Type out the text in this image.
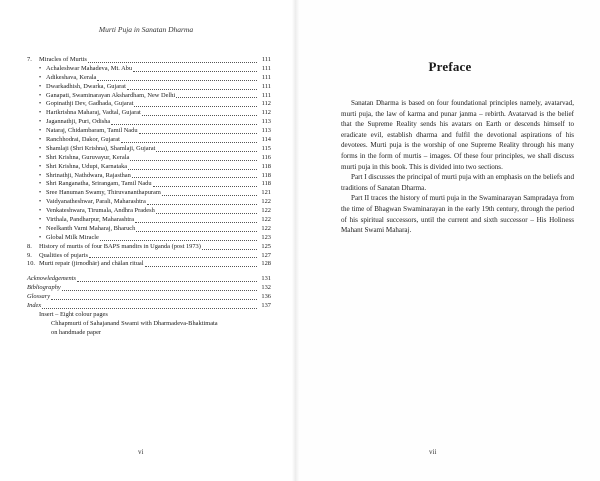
Murti Puja in Sanatan Dharma
7.	Miracles of Murtis	111
• Achaleshwar Mahadeva, Mt. Abu	111
• Adikeshava, Kerala	111
• Dwarkadhish, Dwarka, Gujarat	111
• Ganapati, Swaminarayan Akshardham, New Delhi	111
• Gopinathji Dev, Gadhada, Gujarat	112
• Harikrishna Maharaj, Vadtal, Gujarat	112
• Jagannathji, Puri, Odisha	113
• Nataraj, Chidambaram, Tamil Nadu	113
• Ranchhodrai, Dakor, Gujarat	114
• Shamlaji (Shri Krishna), Shamlaji, Gujarat	115
• Shri Krishna, Guruvayur, Kerala	116
• Shri Krishna, Udupi, Karnataka	118
• Shrinathji, Nathdwara, Rajasthan	118
• Shri Ranganatha, Srirangam, Tamil Nadu	118
• Sree Hanuman Swamy, Thiruvananthapuram	121
• Vaidyanatheshwar, Parali, Maharashtra	122
• Venkateshwara, Tirumala, Andhra Pradesh	122
• Virthala, Pandharpur, Maharashtra	122
• Neelkanth Varni Maharaj, Bharuch	122
• Global Milk Miracle	123
8.	History of murtis of four BAPS mandirs in Uganda (post 1973)	125
9.	Qualities of pujaris	127
10. Murti repair (jirnodhār) and chālan ritual	128
Acknowledgements	131
Bibliography	132
Glossary	136
Index	137
Insert – Eight colour pages
Chhapmurti of Sahajanand Swami with Dharmadeva-Bhaktimata
on handmade paper
vi
Preface

Sanatan Dharma is based on four foundational principles namely, avatarvad, murti puja, the law of karma and punar janma – rebirth. Avatarvad is the belief that the Supreme Reality sends his avatars on Earth or descends himself to eradicate evil, establish dharma and fulfil the devotional aspirations of his devotees. Murti puja is the worship of one Supreme Reality through his many forms in the form of murtis – images. Of these four principles, we shall discuss murti puja in this book. This is divided into two sections.

Part I discusses the principal of murti puja with an emphasis on the beliefs and traditions of Sanatan Dharma.

Part II traces the history of murti puja in the Swaminarayan Sampradaya from the time of Bhagwan Swaminarayan in the early 19th century, through the period of his spiritual successors, until the current and sixth successor – His Holiness Mahant Swami Maharaj.

vii
